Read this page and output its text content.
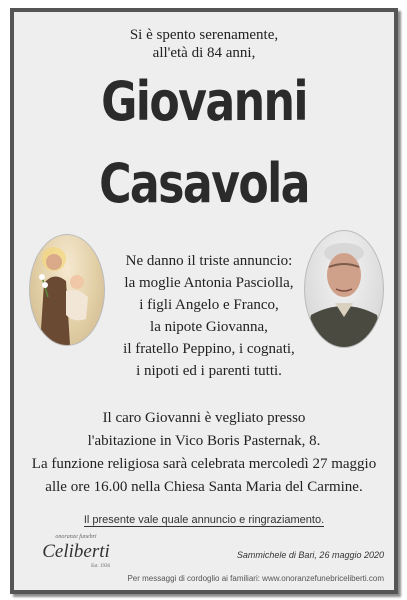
Si è spento serenamente,
all'età di 84 anni,
Giovanni
Casavola
Ne danno il triste annuncio:
la moglie Antonia Pasciolla,
i figli Angelo e Franco,
la nipote Giovanna,
il fratello Peppino, i cognati,
i nipoti ed i parenti tutti.
Il caro Giovanni è vegliato presso
l'abitazione in Vico Boris Pasternak, 8.
La funzione religiosa sarà celebrata mercoledì 27 maggio
alle ore 16.00 nella Chiesa Santa Maria del Carmine.
Il presente vale quale annuncio e ringraziamento.
onoranze funebri
Celiberti
Est. 1936
Sammichele di Bari, 26 maggio 2020
Per messaggi di cordoglio ai familiari: www.onoranzefunebriceliberti.com
